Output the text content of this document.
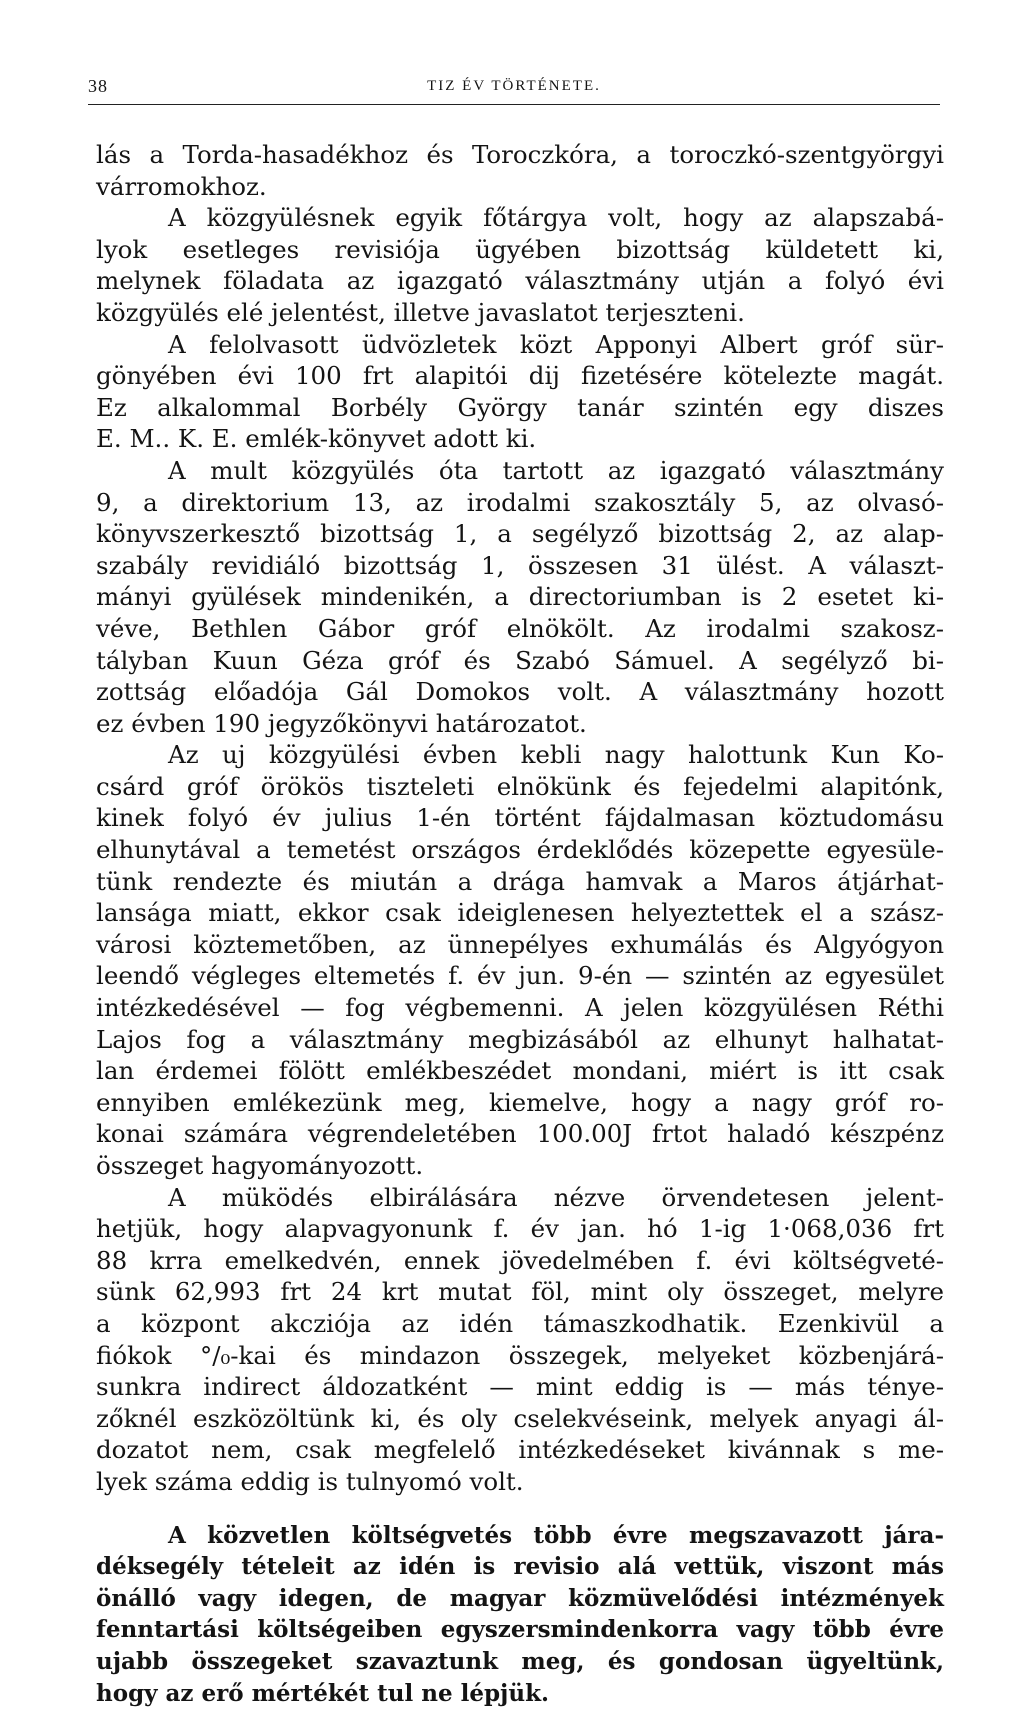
38	TIZ ÉV TÖRTÉNETE.
lás a Torda-hasadékhoz és Toroczkóra, a toroczkó-szentgyörgyi
várromokhoz.
A közgyülésnek egyik főtárgya volt, hogy az alapszabá-
lyok esetleges revisiója ügyében bizottság küldetett ki,
melynek föladata az igazgató választmány utján a folyó évi
közgyülés elé jelentést, illetve javaslatot terjeszteni.
A felolvasott üdvözletek közt Apponyi Albert gróf sür-
gönyében évi 100 frt alapitói dij fizetésére kötelezte magát.
Ez alkalommal Borbély György tanár szintén egy diszes
E. M.. K. E. emlék-könyvet adott ki.
A mult közgyülés óta tartott az igazgató választmány
9, a direktorium 13, az irodalmi szakosztály 5, az olvasó-
könyvszerkesztő bizottság 1, a segélyző bizottság 2, az alap-
szabály revidiáló bizottság 1, összesen 31 ülést. A választ-
mányi gyülések mindenikén, a directoriumban is 2 esetet ki-
véve, Bethlen Gábor gróf elnökölt. Az irodalmi szakosz-
tályban Kuun Géza gróf és Szabó Sámuel. A segélyző bi-
zottság előadója Gál Domokos volt. A választmány hozott
ez évben 190 jegyzőkönyvi határozatot.
Az uj közgyülési évben kebli nagy halottunk Kun Ko-
csárd gróf örökös tiszteleti elnökünk és fejedelmi alapitónk,
kinek folyó év julius 1-én történt fájdalmasan köztudomásu
elhunytával a temetést országos érdeklődés közepette egyesüle-
tünk rendezte és miután a drága hamvak a Maros átjárhat-
lansága miatt, ekkor csak ideiglenesen helyeztettek el a szász-
városi köztemetőben, az ünnepélyes exhumálás és Algyógyon
leendő végleges eltemetés f. év jun. 9-én — szintén az egyesület
intézkedésével — fog végbemenni. A jelen közgyülésen Réthi
Lajos fog a választmány megbizásából az elhunyt halhatat-
lan érdemei fölött emlékbeszédet mondani, miért is itt csak
ennyiben emlékezünk meg, kiemelve, hogy a nagy gróf ro-
konai számára végrendeletében 100.00J frtot haladó készpénz
összeget hagyományozott.
A müködés elbirálására nézve örvendetesen jelent-
hetjük, hogy alapvagyonunk f. év jan. hó 1-ig 1·068,036 frt
88 krra emelkedvén, ennek jövedelmében f. évi költségveté-
sünk 62,993 frt 24 krt mutat föl, mint oly összeget, melyre
a központ akcziója az idén támaszkodhatik. Ezenkivül a
fiókok °/₀-kai és mindazon összegek, melyeket közbenjárá-
sunkra indirect áldozatként — mint eddig is — más ténye-
zőknél eszközöltünk ki, és oly cselekvéseink, melyek anyagi ál-
dozatot nem, csak megfelelő intézkedéseket kivánnak s me-
lyek száma eddig is tulnyomó volt.
A közvetlen költségvetés több évre megszavazott jára-
déksegély tételeit az idén is revisio alá vettük, viszont más
önálló vagy idegen, de magyar közmüvelődési intézmények
fenntartási költségeiben egyszersmindenkorra vagy több évre
ujabb összegeket szavaztunk meg, és gondosan ügyeltünk,
hogy az erő mértékét tul ne lépjük.
